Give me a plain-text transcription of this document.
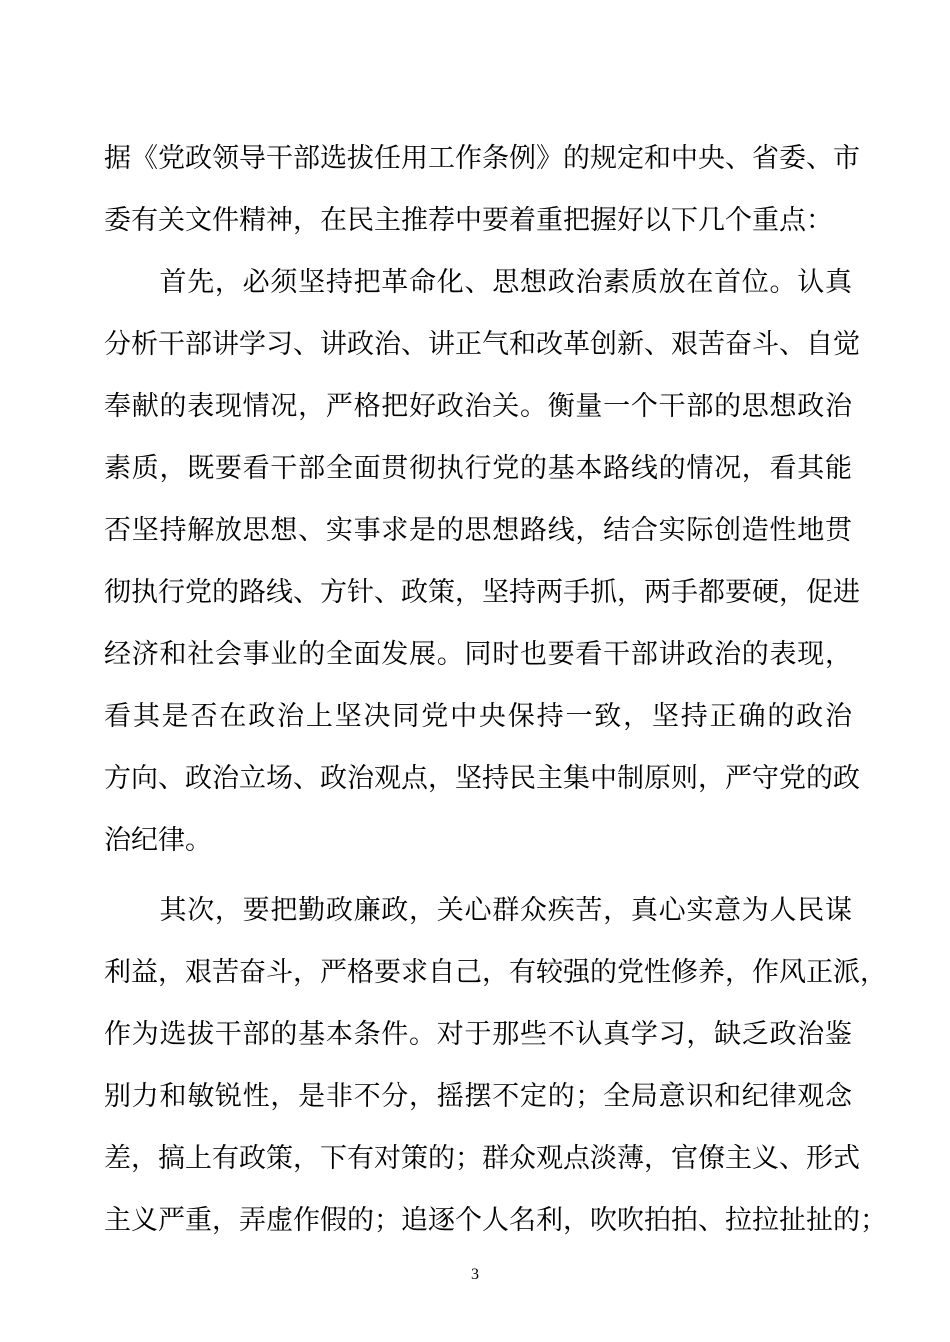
据《党政领导干部选拔任用工作条例》的规定和中央、省委、市
委有关文件精神，在民主推荐中要着重把握好以下几个重点：
　　首先，必须坚持把革命化、思想政治素质放在首位。认真
分析干部讲学习、讲政治、讲正气和改革创新、艰苦奋斗、自觉
奉献的表现情况，严格把好政治关。衡量一个干部的思想政治
素质，既要看干部全面贯彻执行党的基本路线的情况，看其能
否坚持解放思想、实事求是的思想路线，结合实际创造性地贯
彻执行党的路线、方针、政策，坚持两手抓，两手都要硬，促进
经济和社会事业的全面发展。同时也要看干部讲政治的表现，
看其是否在政治上坚决同党中央保持一致，坚持正确的政治
方向、政治立场、政治观点，坚持民主集中制原则，严守党的政
治纪律。
　　其次，要把勤政廉政，关心群众疾苦，真心实意为人民谋
利益，艰苦奋斗，严格要求自己，有较强的党性修养，作风正派，
作为选拔干部的基本条件。对于那些不认真学习，缺乏政治鉴
别力和敏锐性，是非不分，摇摆不定的；全局意识和纪律观念
差，搞上有政策，下有对策的；群众观点淡薄，官僚主义、形式
主义严重，弄虚作假的；追逐个人名利，吹吹拍拍、拉拉扯扯的；
3
